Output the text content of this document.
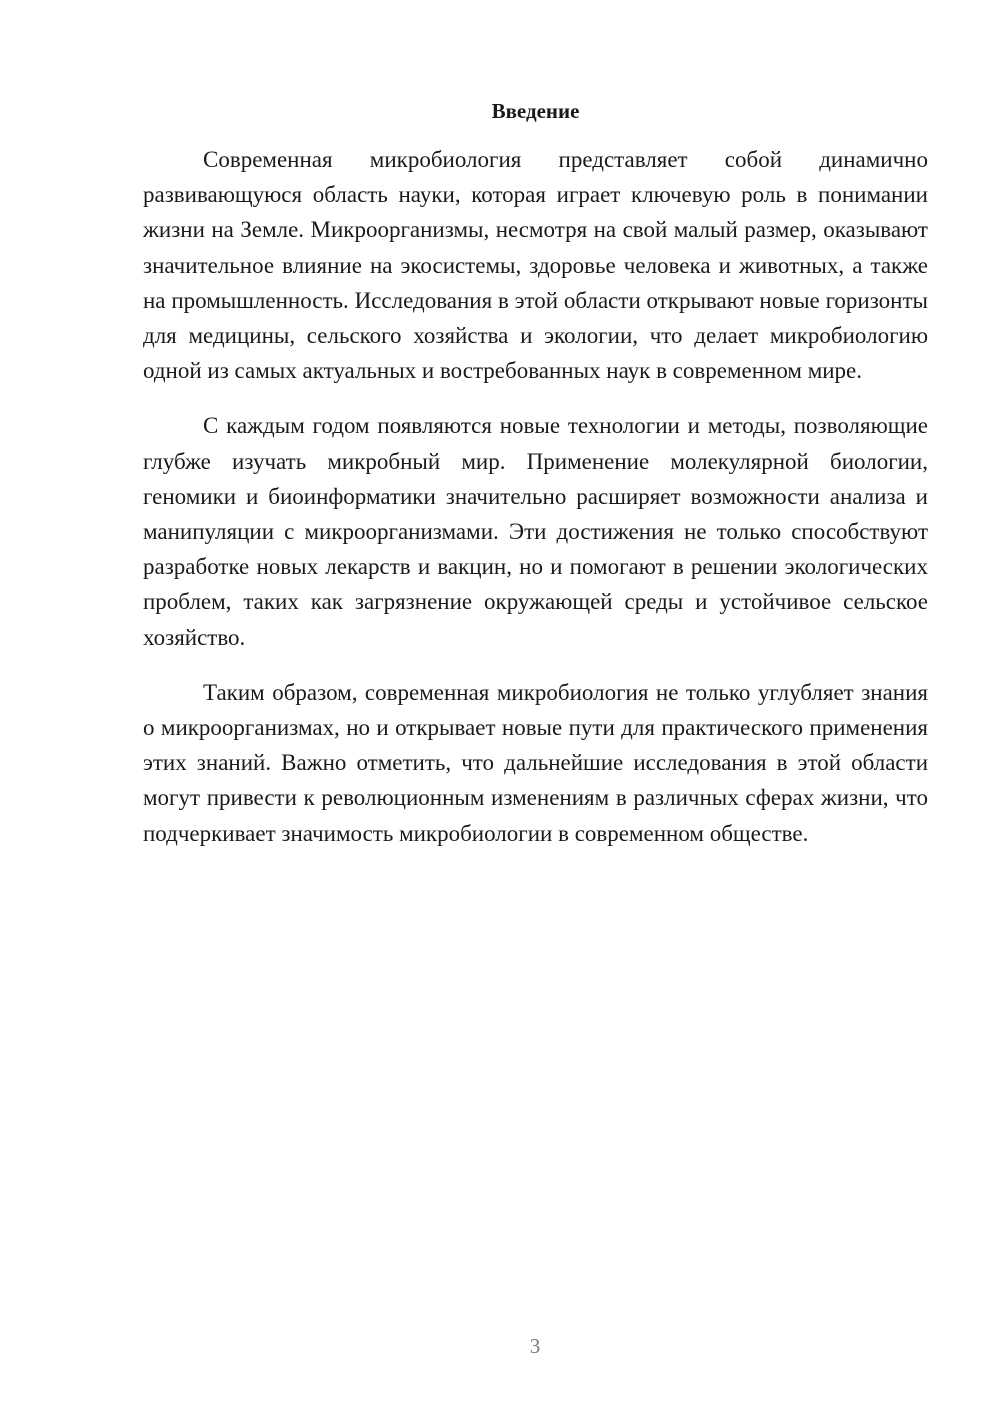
Введение

Современная микробиология представляет собой динамично развивающуюся область науки, которая играет ключевую роль в понимании жизни на Земле. Микроорганизмы, несмотря на свой малый размер, оказывают значительное влияние на экосистемы, здоровье человека и животных, а также на промышленность. Исследования в этой области открывают новые горизонты для медицины, сельского хозяйства и экологии, что делает микробиологию одной из самых актуальных и востребованных наук в современном мире.

С каждым годом появляются новые технологии и методы, позволяющие глубже изучать микробный мир. Применение молекулярной биологии, геномики и биоинформатики значительно расширяет возможности анализа и манипуляции с микроорганизмами. Эти достижения не только способствуют разработке новых лекарств и вакцин, но и помогают в решении экологических проблем, таких как загрязнение окружающей среды и устойчивое сельское хозяйство.

Таким образом, современная микробиология не только углубляет знания о микроорганизмах, но и открывает новые пути для практического применения этих знаний. Важно отметить, что дальнейшие исследования в этой области могут привести к революционным изменениям в различных сферах жизни, что подчеркивает значимость микробиологии в современном обществе.

3
